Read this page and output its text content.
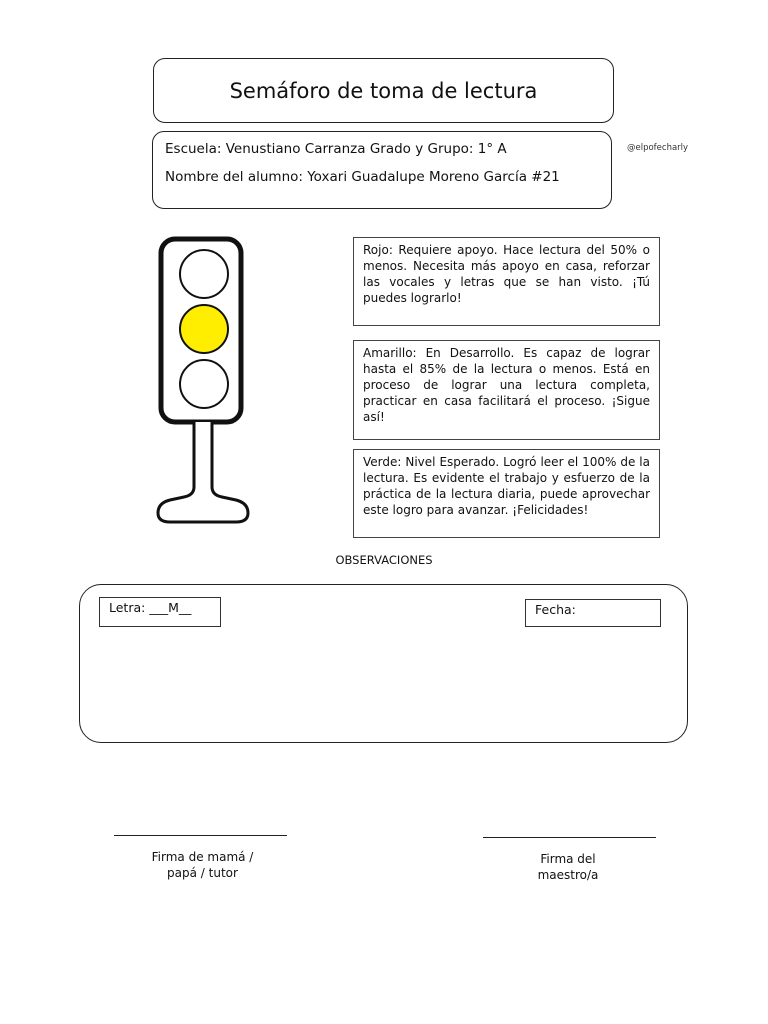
Semáforo de toma de lectura
Escuela: Venustiano Carranza Grado y Grupo: 1° A
Nombre del alumno: Yoxari Guadalupe Moreno García #21
@elpofecharly
Rojo: Requiere apoyo. Hace lectura del 50% o menos. Necesita más apoyo en casa, reforzar las vocales y letras que se han visto. ¡Tú puedes lograrlo!
Amarillo: En Desarrollo. Es capaz de lograr hasta el 85% de la lectura o menos. Está en proceso de lograr una lectura completa, practicar en casa facilitará el proceso. ¡Sigue así!
Verde: Nivel Esperado. Logró leer el 100% de la lectura. Es evidente el trabajo y esfuerzo de la práctica de la lectura diaria, puede aprovechar este logro para avanzar. ¡Felicidades!
OBSERVACIONES
Letra: ___M__	Fecha:
Firma de mamá / papá / tutor
Firma del maestro/a
